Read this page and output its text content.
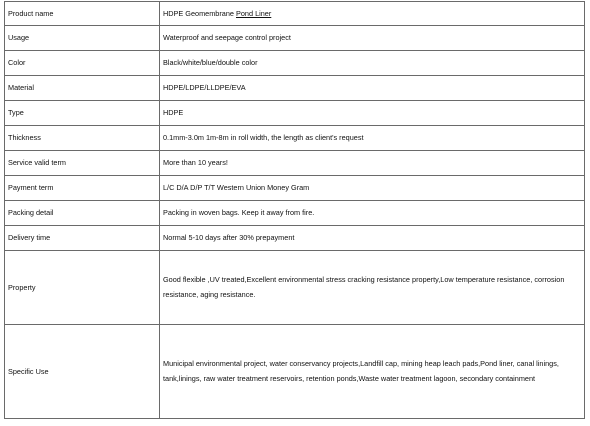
Product name	HDPE Geomembrane Pond Liner
Usage	Waterproof and seepage control project
Color	Black/white/blue/double color
Material	HDPE/LDPE/LLDPE/EVA
Type	HDPE
Thickness	0.1mm-3.0m 1m-8m in roll width, the length as client's request
Service valid term	More than 10 years!
Payment term	L/C D/A D/P T/T Western Union Money Gram
Packing detail	Packing in woven bags. Keep it away from fire.
Delivery time	Normal 5-10 days after 30% prepayment
Property	Good flexible ,UV treated,Excellent environmental stress cracking resistance property,Low temperature resistance, corrosion resistance, aging resistance.
Specific Use	Municipal environmental project, water conservancy projects,Landfill cap, mining heap leach pads,Pond liner, canal linings, tank,linings, raw water treatment reservoirs, retention ponds,Waste water treatment lagoon, secondary containment
